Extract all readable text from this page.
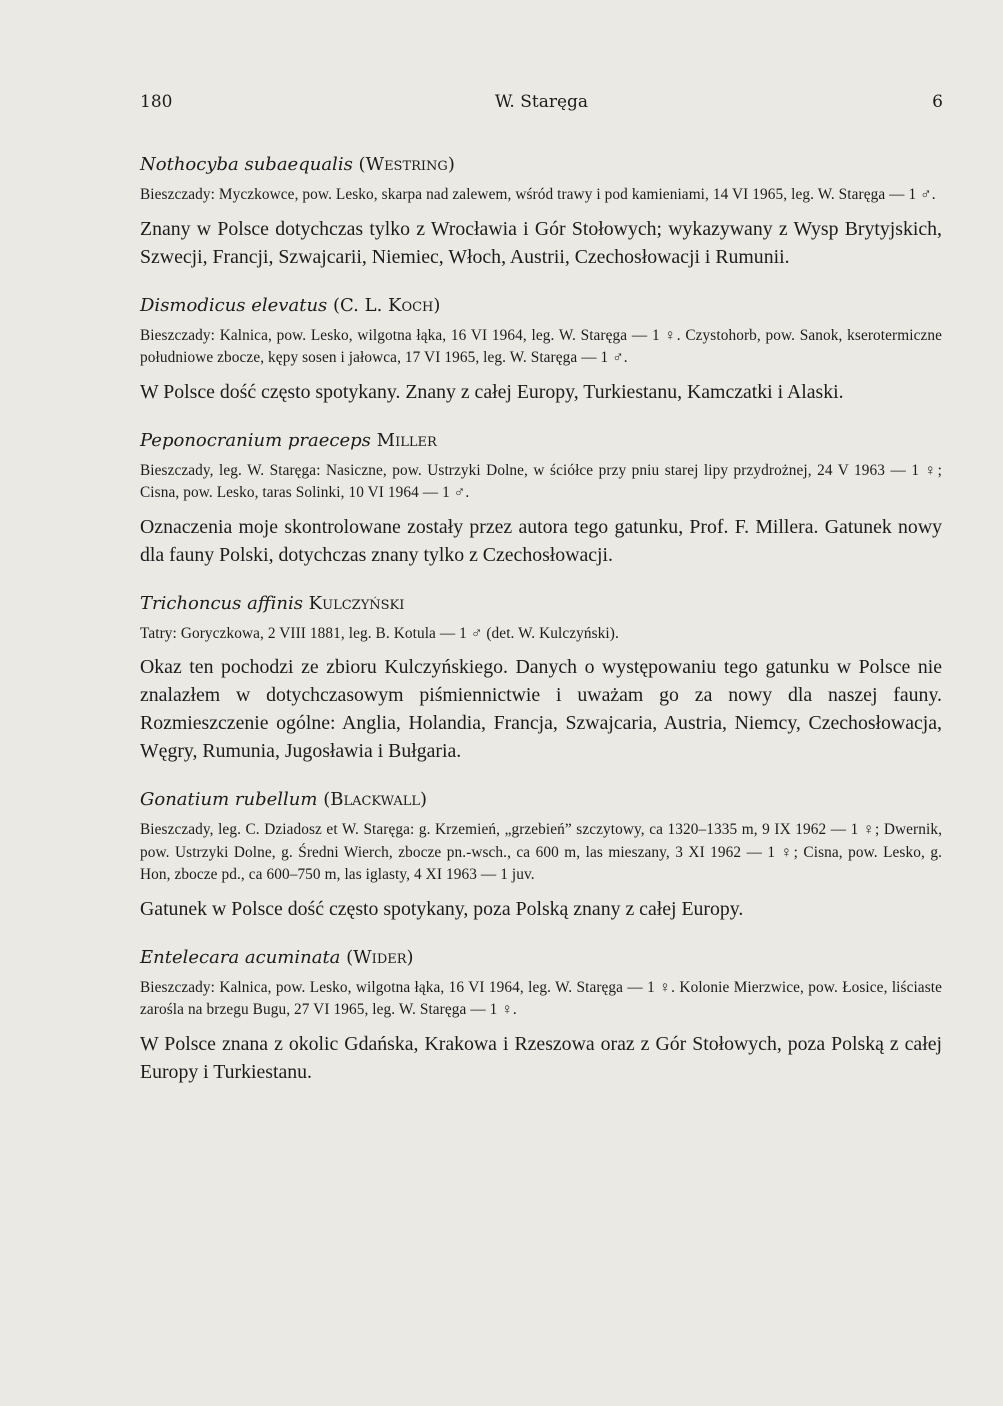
180	W. Staręga	6

Nothocyba subaequalis (Westring)

Bieszczady: Myczkowce, pow. Lesko, skarpa nad zalewem, wśród trawy i pod kamieniami, 14 VI 1965, leg. W. Staręga — 1 ♂.

Znany w Polsce dotychczas tylko z Wrocławia i Gór Stołowych; wykazywany z Wysp Brytyjskich, Szwecji, Francji, Szwajcarii, Niemiec, Włoch, Austrii, Czechosłowacji i Rumunii.

Dismodicus elevatus (C. L. Koch)

Bieszczady: Kalnica, pow. Lesko, wilgotna łąka, 16 VI 1964, leg. W. Staręga — 1 ♀. Czystohorb, pow. Sanok, kserotermiczne południowe zbocze, kępy sosen i jałowca, 17 VI 1965, leg. W. Staręga — 1 ♂.

W Polsce dość często spotykany. Znany z całej Europy, Turkiestanu, Kamczatki i Alaski.

Peponocranium praeceps Miller

Bieszczady, leg. W. Staręga: Nasiczne, pow. Ustrzyki Dolne, w ściółce przy pniu starej lipy przydrożnej, 24 V 1963 — 1 ♀; Cisna, pow. Lesko, taras Solinki, 10 VI 1964 — 1 ♂.

Oznaczenia moje skontrolowane zostały przez autora tego gatunku, Prof. F. Millera. Gatunek nowy dla fauny Polski, dotychczas znany tylko z Czechosłowacji.

Trichoncus affinis Kulczyński

Tatry: Goryczkowa, 2 VIII 1881, leg. B. Kotula — 1 ♂ (det. W. Kulczyński).

Okaz ten pochodzi ze zbioru Kulczyńskiego. Danych o występowaniu tego gatunku w Polsce nie znalazłem w dotychczasowym piśmiennictwie i uważam go za nowy dla naszej fauny. Rozmieszczenie ogólne: Anglia, Holandia, Francja, Szwajcaria, Austria, Niemcy, Czechosłowacja, Węgry, Rumunia, Jugosławia i Bułgaria.

Gonatium rubellum (Blackwall)

Bieszczady, leg. C. Dziadosz et W. Staręga: g. Krzemień, „grzebień” szczytowy, ca 1320–1335 m, 9 IX 1962 — 1 ♀; Dwernik, pow. Ustrzyki Dolne, g. Średni Wierch, zbocze pn.-wsch., ca 600 m, las mieszany, 3 XI 1962 — 1 ♀; Cisna, pow. Lesko, g. Hon, zbocze pd., ca 600–750 m, las iglasty, 4 XI 1963 — 1 juv.

Gatunek w Polsce dość często spotykany, poza Polską znany z całej Europy.

Entelecara acuminata (Wider)

Bieszczady: Kalnica, pow. Lesko, wilgotna łąka, 16 VI 1964, leg. W. Staręga — 1 ♀. Kolonie Mierzwice, pow. Łosice, liściaste zarośla na brzegu Bugu, 27 VI 1965, leg. W. Staręga — 1 ♀.

W Polsce znana z okolic Gdańska, Krakowa i Rzeszowa oraz z Gór Stołowych, poza Polską z całej Europy i Turkiestanu.
